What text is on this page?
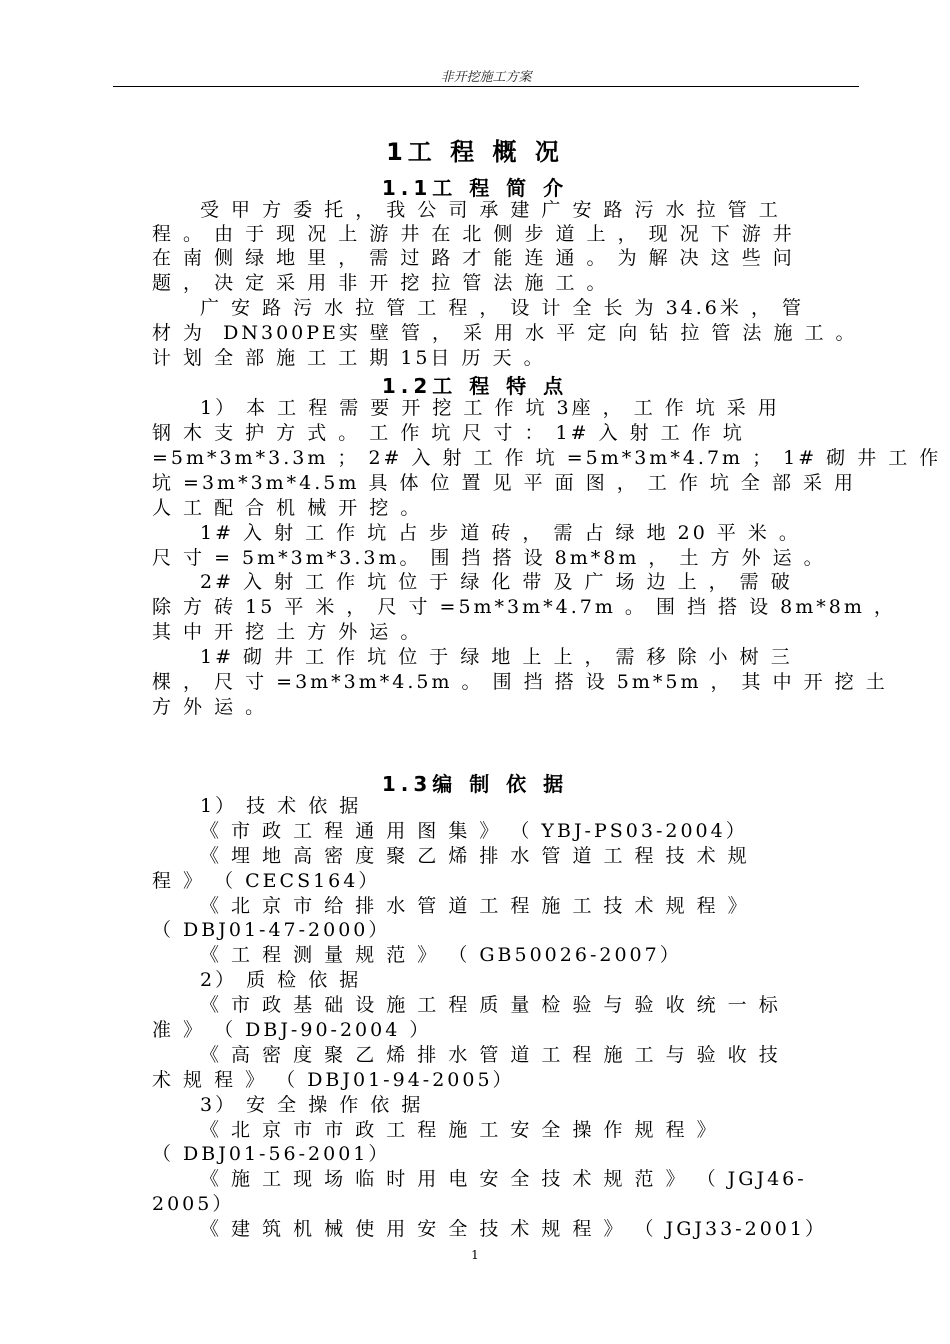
非开挖施工方案
1工 程 概 况
1.1工 程 简 介
受 甲 方 委 托 ， 我 公 司 承 建 广 安 路 污 水 拉 管 工
程 。 由 于 现 况 上 游 井 在 北 侧 步 道 上 ， 现 况 下 游 井
在 南 侧 绿 地 里 ， 需 过 路 才 能 连 通 。 为 解 决 这 些 问
题 ， 决 定 采 用 非 开 挖 拉 管 法 施 工 。
广 安 路 污 水 拉 管 工 程 ， 设 计 全 长 为 34.6米 ， 管
材 为  DN300PE实 壁 管 ， 采 用 水 平 定 向 钻 拉 管 法 施 工 。
计 划 全 部 施 工 工 期 15日 历 天 。
1.2工 程 特 点
1） 本 工 程 需 要 开 挖 工 作 坑 3座 ， 工 作 坑 采 用
钢 木 支 护 方 式 。 工 作 坑 尺 寸 ： 1# 入 射 工 作 坑
=5m*3m*3.3m ； 2# 入 射 工 作 坑 =5m*3m*4.7m ； 1# 砌 井 工 作
坑 =3m*3m*4.5m 具 体 位 置 见 平 面 图 ， 工 作 坑 全 部 采 用
人 工 配 合 机 械 开 挖 。
1# 入 射 工 作 坑 占 步 道 砖 ， 需 占 绿 地 20 平 米 。
尺 寸 = 5m*3m*3.3m。 围 挡 搭 设 8m*8m ， 土 方 外 运 。
2# 入 射 工 作 坑 位 于 绿 化 带 及 广 场 边 上 ， 需 破
除 方 砖 15 平 米 ， 尺 寸 =5m*3m*4.7m 。 围 挡 搭 设 8m*8m ，
其 中 开 挖 土 方 外 运 。
1# 砌 井 工 作 坑 位 于 绿 地 上 上 ， 需 移 除 小 树 三
棵 ， 尺 寸 =3m*3m*4.5m 。 围 挡 搭 设 5m*5m ， 其 中 开 挖 土
方 外 运 。
1.3编 制 依 据
1） 技 术 依 据
《 市 政 工 程 通 用 图 集 》 （ YBJ-PS03-2004）
《 埋 地 高 密 度 聚 乙 烯 排 水 管 道 工 程 技 术 规
程 》 （ CECS164）
《 北 京 市 给 排 水 管 道 工 程 施 工 技 术 规 程 》
（ DBJ01-47-2000）
《 工 程 测 量 规 范 》 （ GB50026-2007）
2） 质 检 依 据
《 市 政 基 础 设 施 工 程 质 量 检 验 与 验 收 统 一 标
准 》 （ DBJ-90-2004 ）
《 高 密 度 聚 乙 烯 排 水 管 道 工 程 施 工 与 验 收 技
术 规 程 》 （ DBJ01-94-2005）
3） 安 全 操 作 依 据
《 北 京 市 市 政 工 程 施 工 安 全 操 作 规 程 》
（ DBJ01-56-2001）
《 施 工 现 场 临 时 用 电 安 全 技 术 规 范 》 （ JGJ46-
2005）
《 建 筑 机 械 使 用 安 全 技 术 规 程 》 （ JGJ33-2001）
1
